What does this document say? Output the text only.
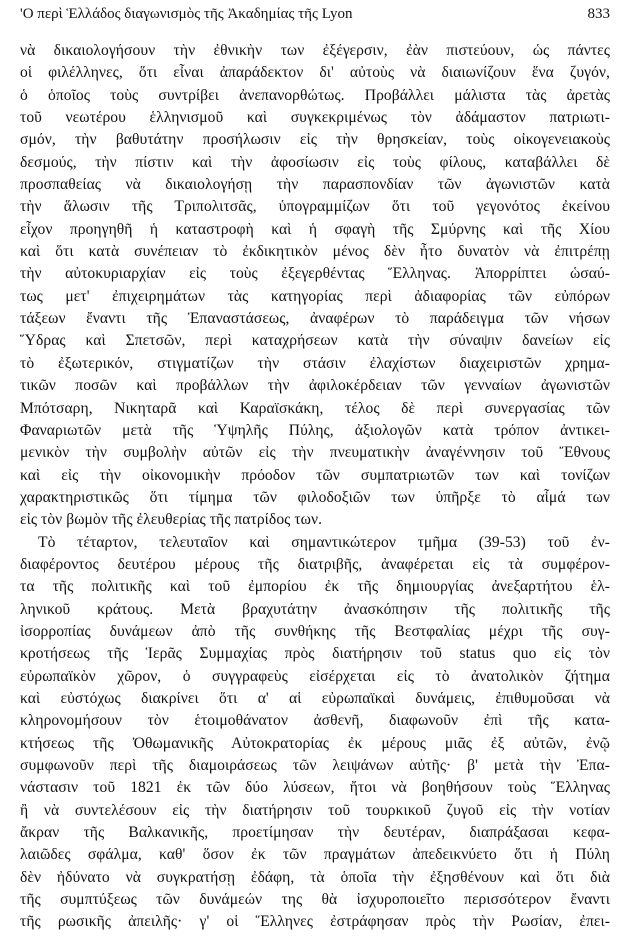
'Ο περὶ Ἑλλάδος διαγωνισμὸς τῆς Ἀκαδημίας τῆς Lyon	833
νὰ δικαιολογήσουν τὴν ἐθνικὴν των ἐξέγερσιν, ἐὰν πιστεύουν, ὡς πάντες
οἱ φιλέλληνες, ὅτι εἶναι ἀπαράδεκτον δι' αὐτοὺς νὰ διαιωνίζουν ἕνα ζυγόν,
ὁ ὁποῖος τοὺς συντρίβει ἀνεπανορθώτως. Προβάλλει μάλιστα τὰς ἀρετὰς
τοῦ νεωτέρου ἑλληνισμοῦ καὶ συγκεκριμένως τὸν ἀδάμαστον πατριωτι-
σμόν, τὴν βαθυτάτην προσήλωσιν εἰς τὴν θρησκείαν, τοὺς οἰκογενειακοὺς
δεσμούς, τὴν πίστιν καὶ τὴν ἀφοσίωσιν εἰς τοὺς φίλους, καταβάλλει δὲ
προσπαθείας νὰ δικαιολογήσῃ τὴν παρασπονδίαν τῶν ἀγωνιστῶν κατὰ
τὴν ἅλωσιν τῆς Τριπολιτσᾶς, ὑπογραμμίζων ὅτι τοῦ γεγονότος ἐκείνου
εἶχον προηγηθῆ ἡ καταστροφὴ καὶ ἡ σφαγὴ τῆς Σμύρνης καὶ τῆς Χίου
καὶ ὅτι κατὰ συνέπειαν τὸ ἐκδικητικὸν μένος δὲν ἦτο δυνατὸν νὰ ἐπιτρέπῃ
τὴν αὐτοκυριαρχίαν εἰς τοὺς ἐξεγερθέντας Ἕλληνας. Ἀπορρίπτει ὡσαύ-
τως μετ' ἐπιχειρημάτων τὰς κατηγορίας περὶ ἀδιαφορίας τῶν εὐπόρων
τάξεων ἔναντι τῆς Ἐπαναστάσεως, ἀναφέρων τὸ παράδειγμα τῶν νήσων
Ὕδρας καὶ Σπετσῶν, περὶ καταχρήσεων κατὰ τὴν σύναψιν δανείων εἰς
τὸ ἐξωτερικόν, στιγματίζων τὴν στάσιν ἐλαχίστων διαχειριστῶν χρημα-
τικῶν ποσῶν καὶ προβάλλων τὴν ἀφιλοκέρδειαν τῶν γενναίων ἀγωνιστῶν
Μπότσαρη, Νικηταρᾶ καὶ Καραϊσκάκη, τέλος δὲ περὶ συνεργασίας τῶν
Φαναριωτῶν μετὰ τῆς Ὑψηλῆς Πύλης, ἀξιολογῶν κατὰ τρόπον ἀντικει-
μενικὸν τὴν συμβολὴν αὐτῶν εἰς τὴν πνευματικὴν ἀναγέννησιν τοῦ Ἔθνους
καὶ εἰς τὴν οἰκονομικὴν πρόοδον τῶν συμπατριωτῶν των καὶ τονίζων
χαρακτηριστικῶς ὅτι τίμημα τῶν φιλοδοξιῶν των ὑπῆρξε τὸ αἷμά των
εἰς τὸν βωμὸν τῆς ἐλευθερίας τῆς πατρίδος των.
Τὸ τέταρτον, τελευταῖον καὶ σημαντικώτερον τμῆμα (39-53) τοῦ ἐν-
διαφέροντος δευτέρου μέρους τῆς διατριβῆς, ἀναφέρεται εἰς τὰ συμφέρον-
τα τῆς πολιτικῆς καὶ τοῦ ἐμπορίου ἐκ τῆς δημιουργίας ἀνεξαρτήτου ἑλ-
ληνικοῦ κράτους. Μετὰ βραχυτάτην ἀνασκόπησιν τῆς πολιτικῆς τῆς
ἰσορροπίας δυνάμεων ἀπὸ τῆς συνθήκης τῆς Βεστφαλίας μέχρι τῆς συγ-
κροτήσεως τῆς Ἱερᾶς Συμμαχίας πρὸς διατήρησιν τοῦ status quo εἰς τὸν
εὐρωπαϊκὸν χῶρον, ὁ συγγραφεὺς εἰσέρχεται εἰς τὸ ἀνατολικὸν ζήτημα
καὶ εὐστόχως διακρίνει ὅτι α' αἱ εὐρωπαϊκαὶ δυνάμεις, ἐπιθυμοῦσαι νὰ
κληρονομήσουν τὸν ἑτοιμοθάνατον ἀσθενῆ, διαφωνοῦν ἐπὶ τῆς κατα-
κτήσεως τῆς Ὀθωμανικῆς Αὐτοκρατορίας ἐκ μέρους μιᾶς ἐξ αὐτῶν, ἐνῷ
συμφωνοῦν περὶ τῆς διαμοιράσεως τῶν λειψάνων αὐτῆς· β' μετὰ τὴν Ἐπα-
νάστασιν τοῦ 1821 ἐκ τῶν δύο λύσεων, ἤτοι νὰ βοηθήσουν τοὺς Ἕλληνας
ἢ νὰ συντελέσουν εἰς τὴν διατήρησιν τοῦ τουρκικοῦ ζυγοῦ εἰς τὴν νοτίαν
ἄκραν τῆς Βαλκανικῆς, προετίμησαν τὴν δευτέραν, διαπράξασαι κεφα-
λαιῶδες σφάλμα, καθ' ὅσον ἐκ τῶν πραγμάτων ἀπεδεικνύετο ὅτι ἡ Πύλη
δὲν ἠδύνατο νὰ συγκρατήσῃ ἐδάφη, τὰ ὁποῖα τὴν ἐξησθένουν καὶ ὅτι διὰ
τῆς συμπτύξεως τῶν δυνάμεών της θὰ ἰσχυροποιεῖτο περισσότερον ἔναντι
τῆς ρωσικῆς ἀπειλῆς· γ' οἱ Ἕλληνες ἐστράφησαν πρὸς τὴν Ρωσίαν, ἐπει-
